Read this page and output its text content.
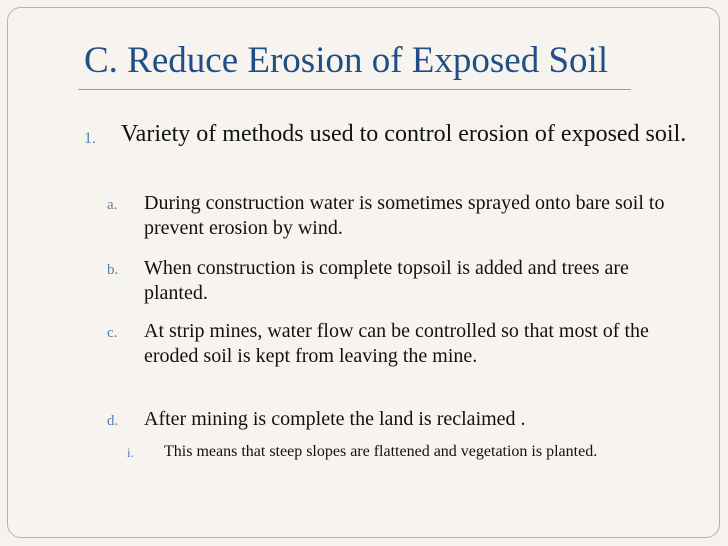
C. Reduce Erosion of Exposed Soil
1. Variety of methods used to control erosion of exposed soil.
a. During construction water is sometimes sprayed onto bare soil to prevent erosion by wind.
b. When construction is complete topsoil is added and trees are planted.
c. At strip mines, water flow can be controlled so that most of the eroded soil is kept from leaving the mine.
d. After mining is complete the land is reclaimed .
i. This means that steep slopes are flattened and vegetation is planted.
